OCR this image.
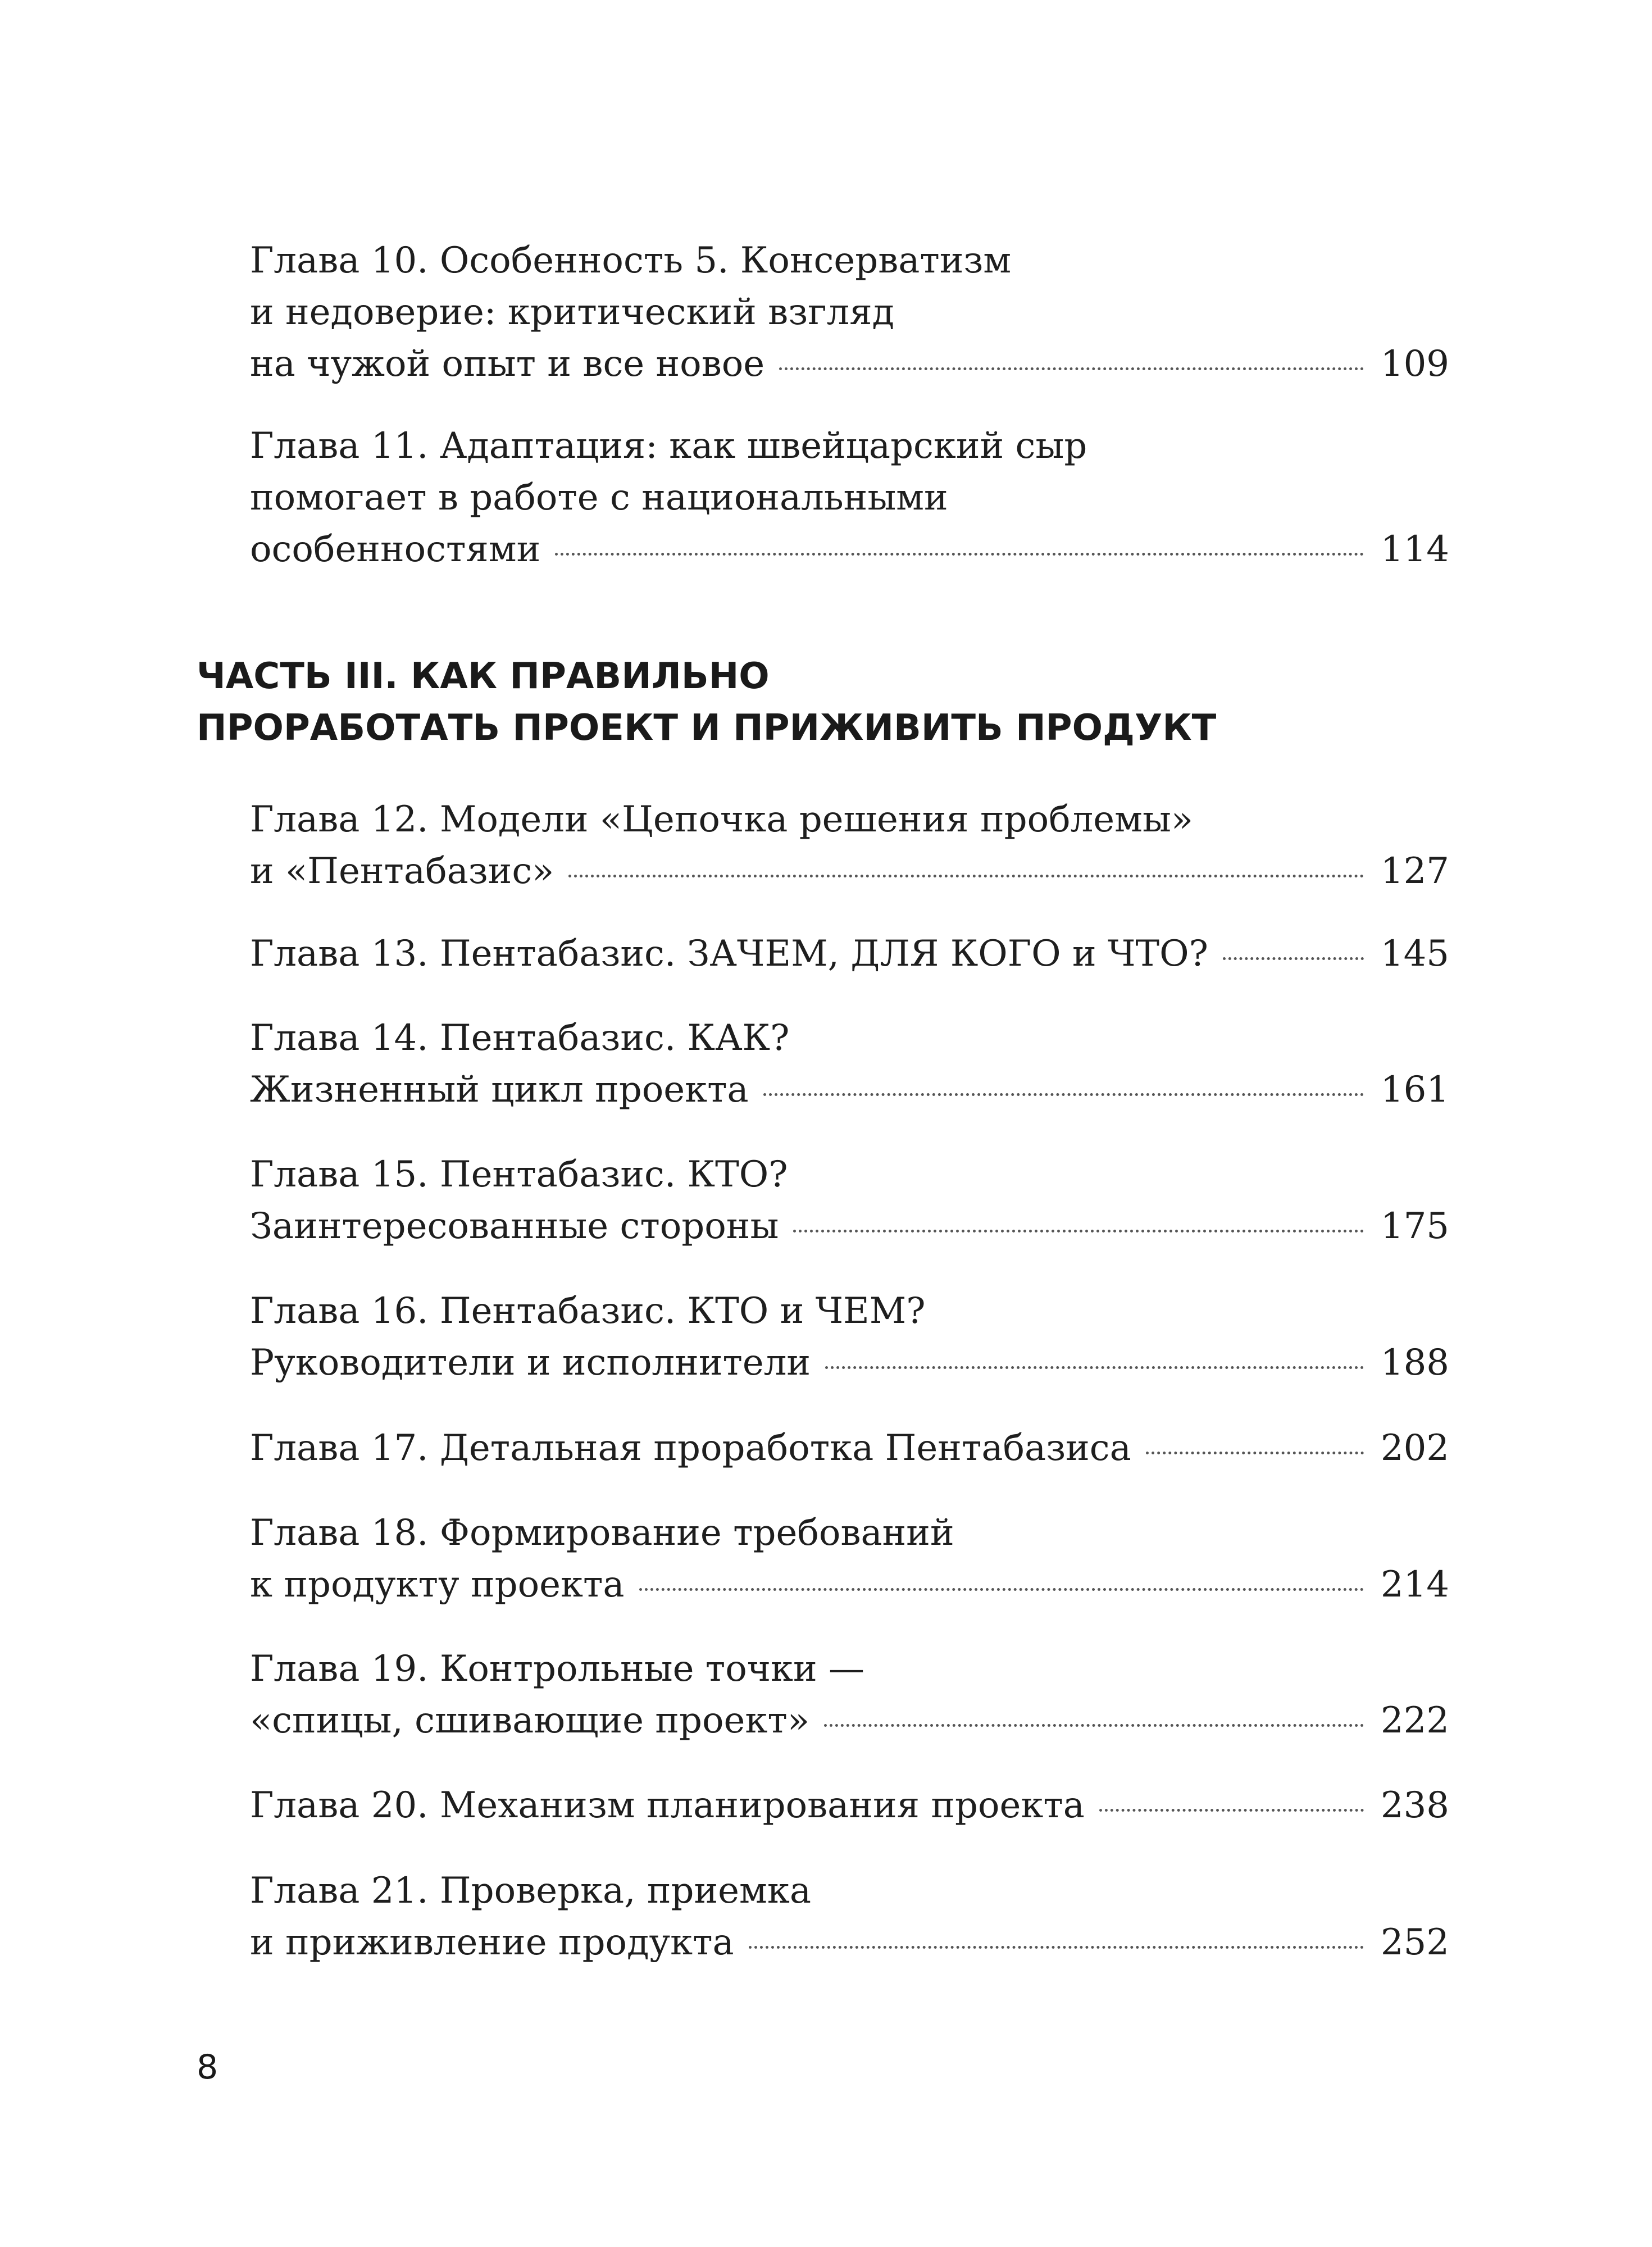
Глава 10. Особенность 5. Консерватизм
и недоверие: критический взгляд
на чужой опыт и все новое	109
Глава 11. Адаптация: как швейцарский сыр
помогает в работе с национальными
особенностями	114
ЧАСТЬ III. КАК ПРАВИЛЬНО
ПРОРАБОТАТЬ ПРОЕКТ И ПРИЖИВИТЬ ПРОДУКТ
Глава 12. Модели «Цепочка решения проблемы»
и «Пентабазис»	127
Глава 13. Пентабазис. ЗАЧЕМ, ДЛЯ КОГО и ЧТО?	145
Глава 14. Пентабазис. КАК?
Жизненный цикл проекта	161
Глава 15. Пентабазис. КТО?
Заинтересованные стороны	175
Глава 16. Пентабазис. КТО и ЧЕМ?
Руководители и исполнители	188
Глава 17. Детальная проработка Пентабазиса	202
Глава 18. Формирование требований
к продукту проекта	214
Глава 19. Контрольные точки —
«спицы, сшивающие проект»	222
Глава 20. Механизм планирования проекта	238
Глава 21. Проверка, приемка
и приживление продукта	252
8
